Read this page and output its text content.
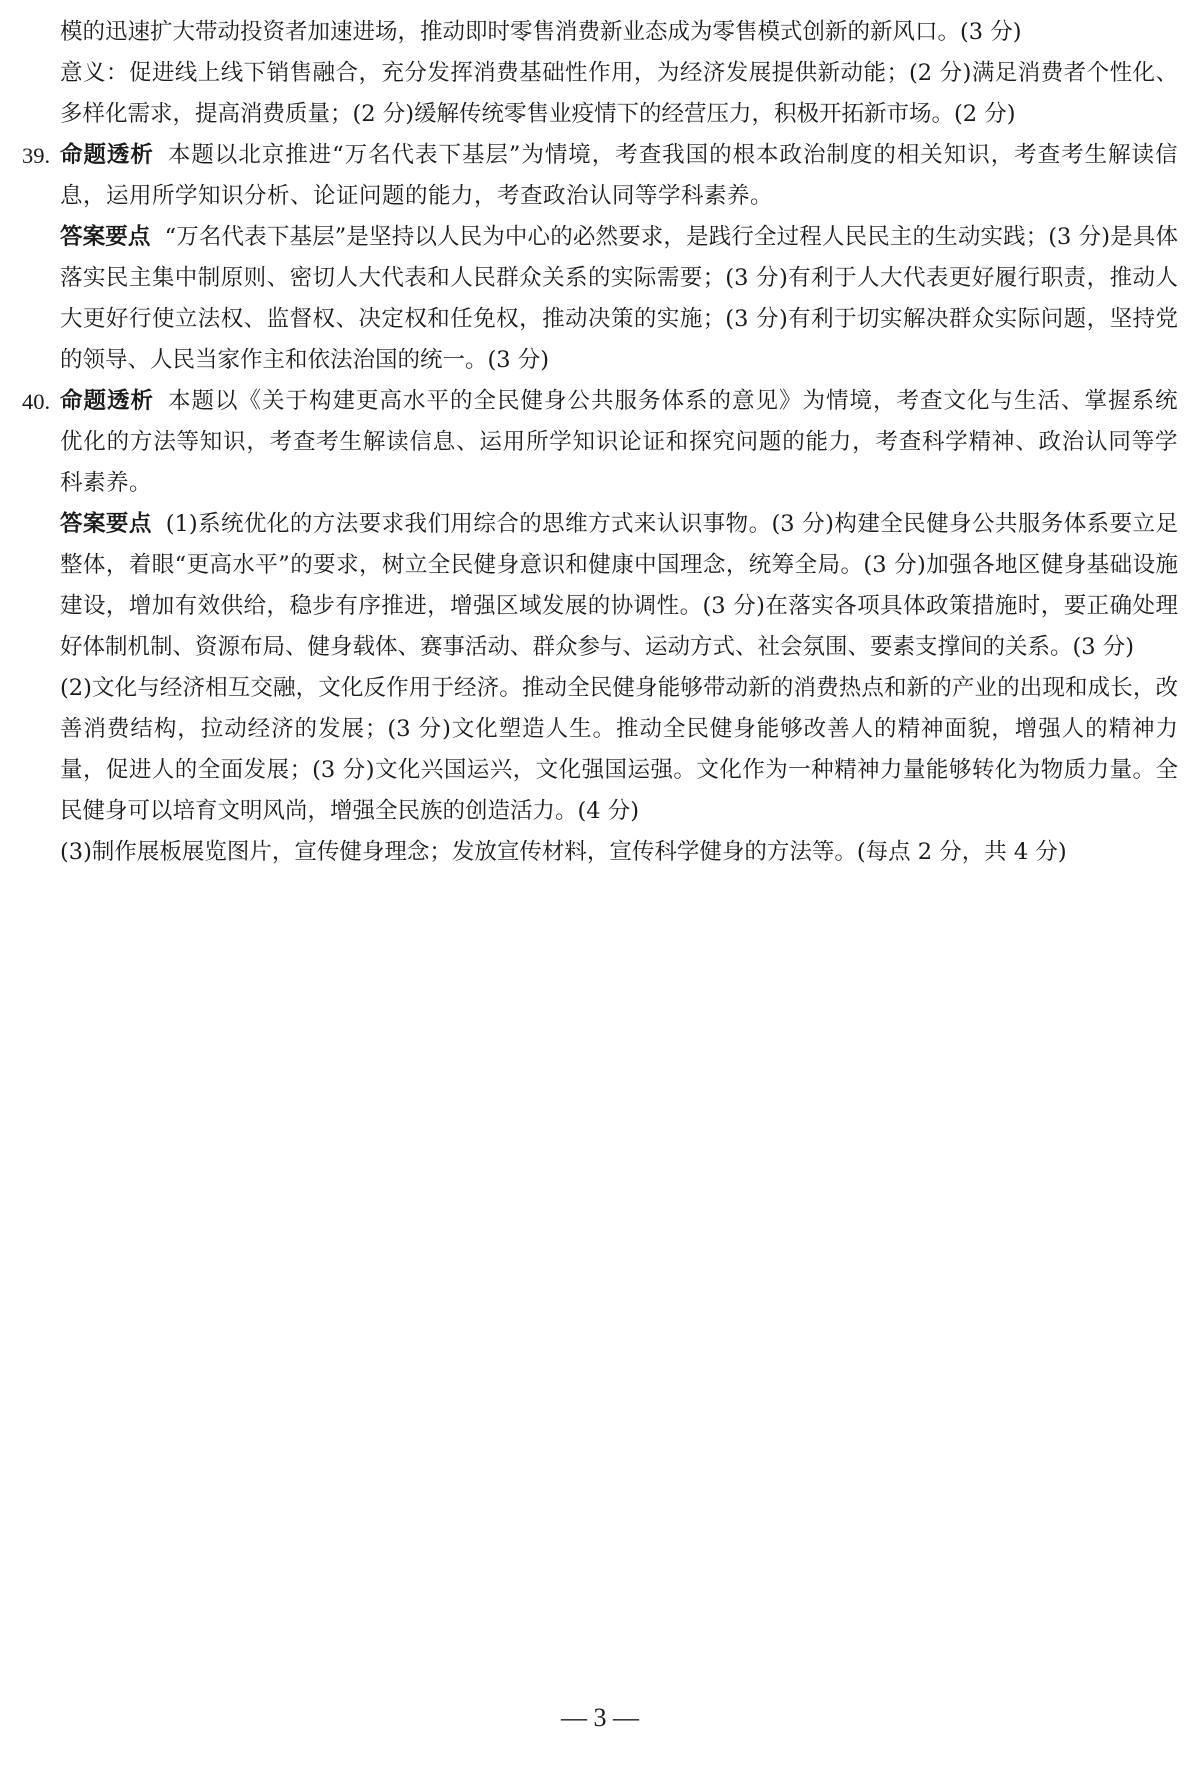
模的迅速扩大带动投资者加速进场，推动即时零售消费新业态成为零售模式创新的新风口。(3 分)

意义：促进线上线下销售融合，充分发挥消费基础性作用，为经济发展提供新动能；(2 分)满足消费者个性化、多样化需求，提高消费质量；(2 分)缓解传统零售业疫情下的经营压力，积极开拓新市场。(2 分)

39. 命题透析 本题以北京推进“万名代表下基层”为情境，考查我国的根本政治制度的相关知识，考查考生解读信息，运用所学知识分析、论证问题的能力，考查政治认同等学科素养。

答案要点 “万名代表下基层”是坚持以人民为中心的必然要求，是践行全过程人民民主的生动实践；(3 分)是具体落实民主集中制原则、密切人大代表和人民群众关系的实际需要；(3 分)有利于人大代表更好履行职责，推动人大更好行使立法权、监督权、决定权和任免权，推动决策的实施；(3 分)有利于切实解决群众实际问题，坚持党的领导、人民当家作主和依法治国的统一。(3 分)

40. 命题透析 本题以《关于构建更高水平的全民健身公共服务体系的意见》为情境，考查文化与生活、掌握系统优化的方法等知识，考查考生解读信息、运用所学知识论证和探究问题的能力，考查科学精神、政治认同等学科素养。

答案要点 (1)系统优化的方法要求我们用综合的思维方式来认识事物。(3 分)构建全民健身公共服务体系要立足整体，着眼“更高水平”的要求，树立全民健身意识和健康中国理念，统筹全局。(3 分)加强各地区健身基础设施建设，增加有效供给，稳步有序推进，增强区域发展的协调性。(3 分)在落实各项具体政策措施时，要正确处理好体制机制、资源布局、健身载体、赛事活动、群众参与、运动方式、社会氛围、要素支撑间的关系。(3 分)

(2)文化与经济相互交融，文化反作用于经济。推动全民健身能够带动新的消费热点和新的产业的出现和成长，改善消费结构，拉动经济的发展；(3 分)文化塑造人生。推动全民健身能够改善人的精神面貌，增强人的精神力量，促进人的全面发展；(3 分)文化兴国运兴，文化强国运强。文化作为一种精神力量能够转化为物质力量。全民健身可以培育文明风尚，增强全民族的创造活力。(4 分)

(3)制作展板展览图片，宣传健身理念；发放宣传材料，宣传科学健身的方法等。(每点 2 分，共 4 分)

— 3 —
